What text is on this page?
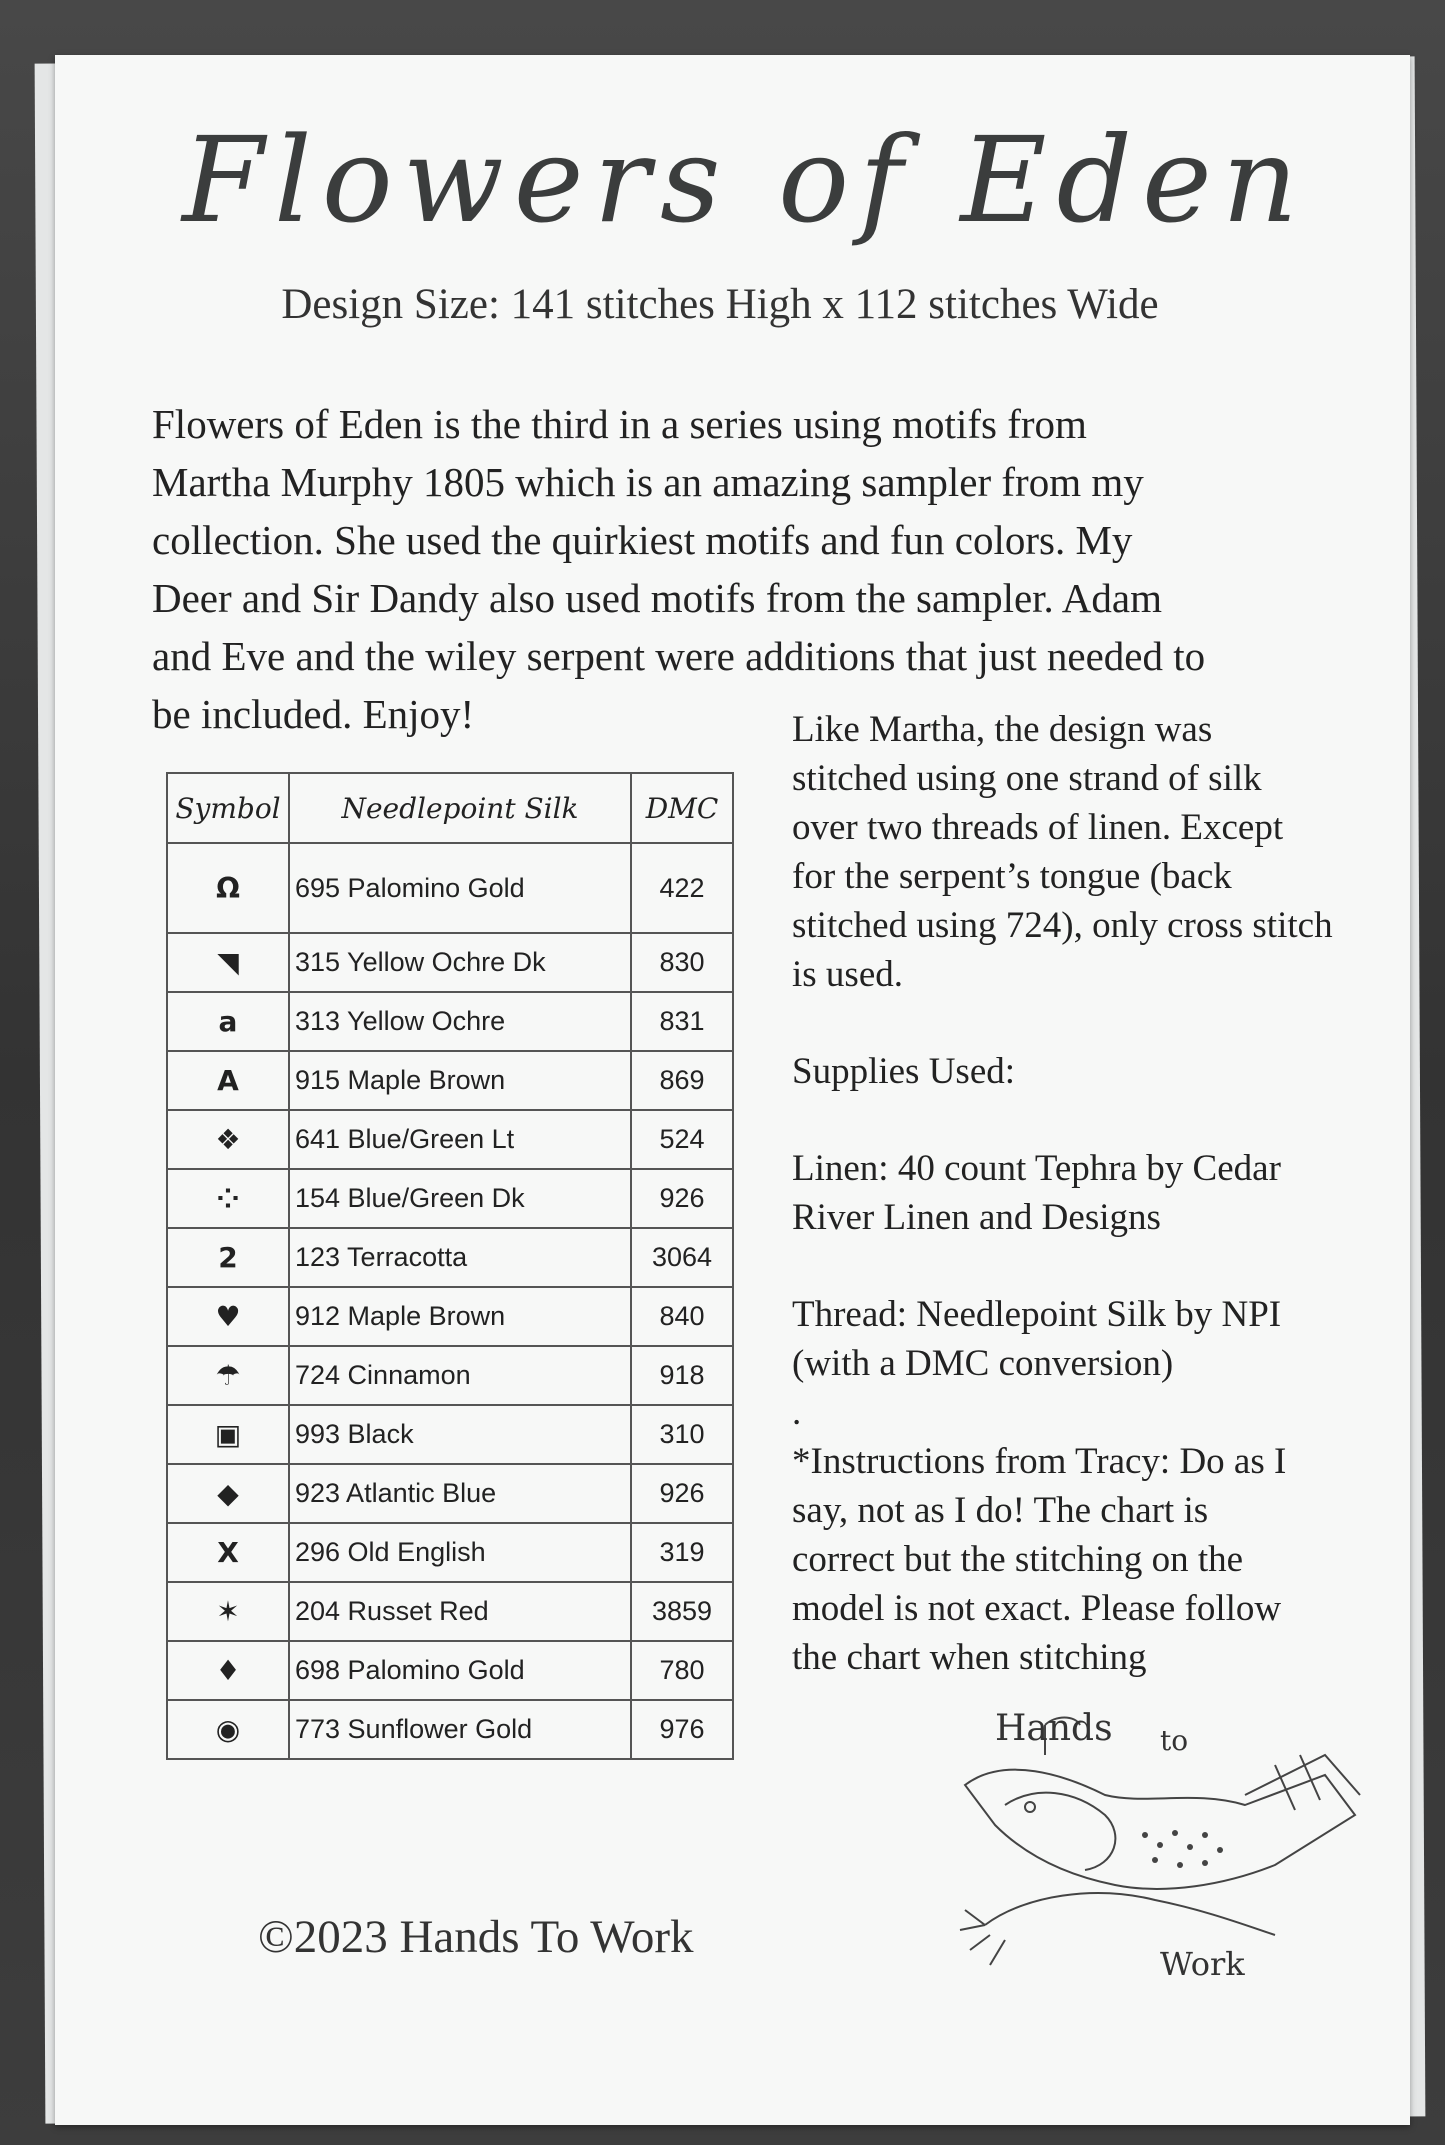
Flowers of Eden
Design Size: 141 stitches High x 112 stitches Wide
Flowers of Eden is the third in a series using motifs from
Martha Murphy 1805 which is an amazing sampler from my
collection. She used the quirkiest motifs and fun colors. My
Deer and Sir Dandy also used motifs from the sampler. Adam
and Eve and the wiley serpent were additions that just needed to
be included. Enjoy!
Symbol	Needlepoint Silk	DMC
Ω	695 Palomino Gold	422
◥	315 Yellow Ochre Dk	830
a	313 Yellow Ochre	831
A	915 Maple Brown	869
❖	641 Blue/Green Lt	524
⁘	154 Blue/Green Dk	926
2	123 Terracotta	3064
♥	912 Maple Brown	840
☂	724 Cinnamon	918
▣	993 Black	310
◆	923 Atlantic Blue	926
X	296 Old English	319
✶	204 Russet Red	3859
♦	698 Palomino Gold	780
◉	773 Sunflower Gold	976
Like Martha, the design was
stitched using one strand of silk
over two threads of linen. Except
for the serpent’s tongue (back
stitched using 724), only cross stitch
is used.
Supplies Used:
Linen: 40 count Tephra by Cedar
River Linen and Designs
Thread: Needlepoint Silk by NPI
(with a DMC conversion)
.
*Instructions from Tracy: Do as I
say, not as I do! The chart is
correct but the stitching on the
model is not exact. Please follow
the chart when stitching
Hands to
Work
©2023 Hands To Work
